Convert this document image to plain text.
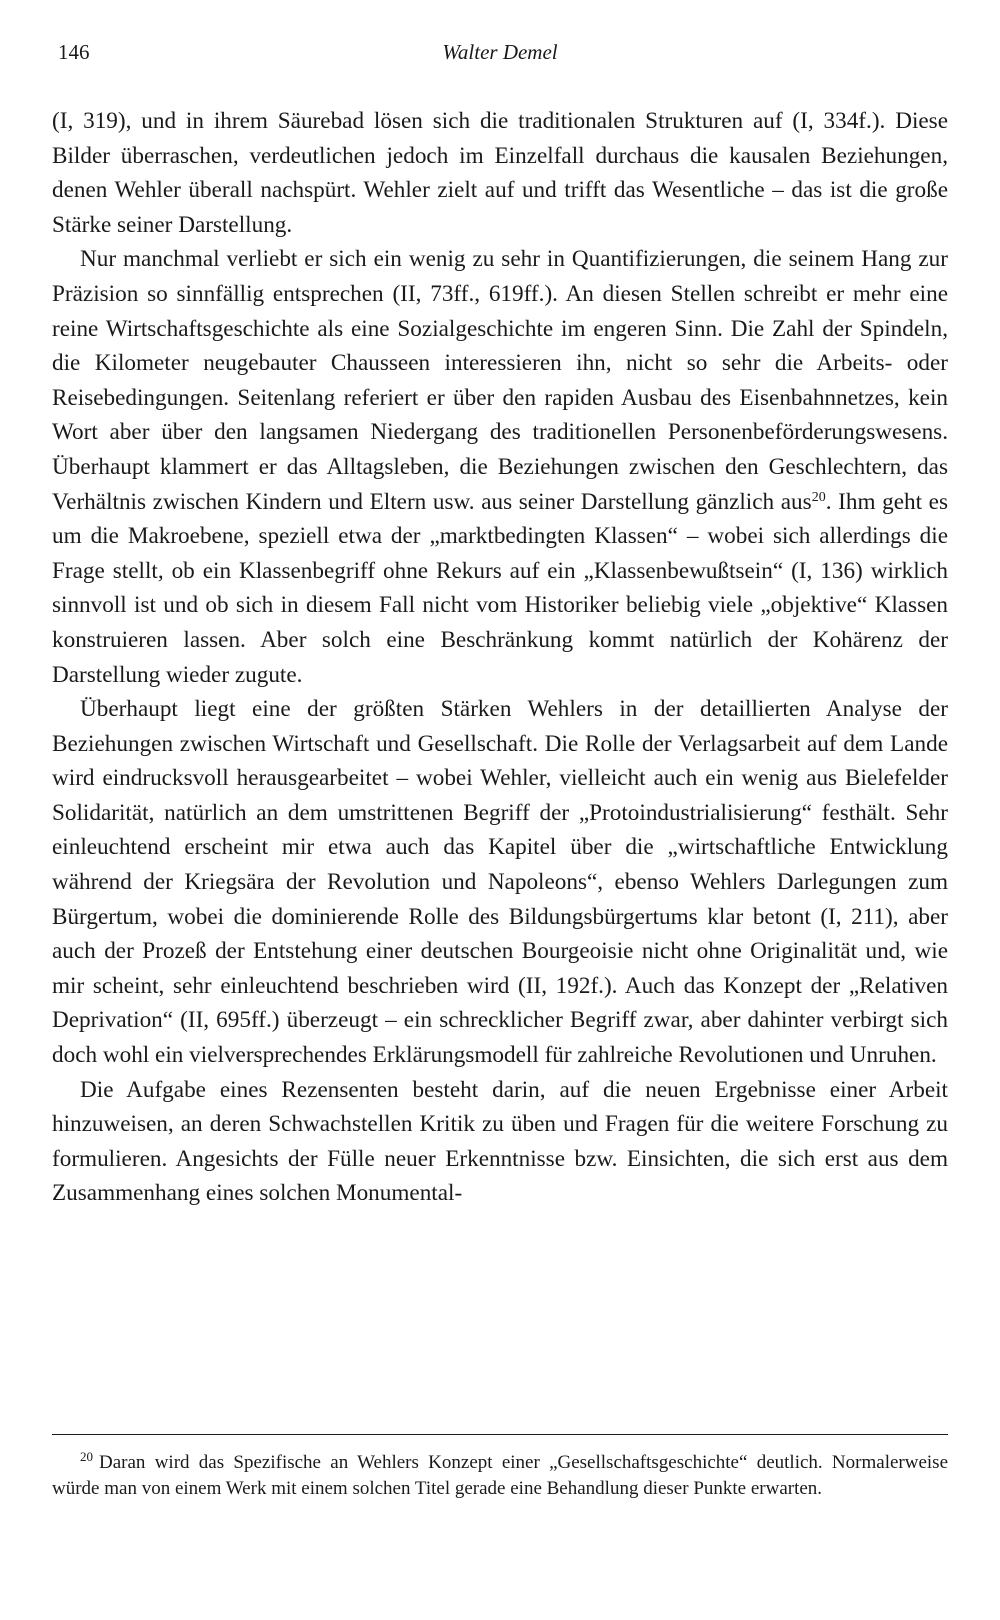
146	Walter Demel

(I, 319), und in ihrem Säurebad lösen sich die traditionalen Strukturen auf (I, 334f.). Diese Bilder überraschen, verdeutlichen jedoch im Einzelfall durchaus die kausalen Beziehungen, denen Wehler überall nachspürt. Wehler zielt auf und trifft das Wesentliche – das ist die große Stärke seiner Darstellung.

Nur manchmal verliebt er sich ein wenig zu sehr in Quantifizierungen, die seinem Hang zur Präzision so sinnfällig entsprechen (II, 73ff., 619ff.). An diesen Stellen schreibt er mehr eine reine Wirtschaftsgeschichte als eine Sozialgeschichte im engeren Sinn. Die Zahl der Spindeln, die Kilometer neugebauter Chausseen interessieren ihn, nicht so sehr die Arbeits- oder Reisebedingungen. Seitenlang referiert er über den rapiden Ausbau des Eisenbahnnetzes, kein Wort aber über den langsamen Niedergang des traditionellen Personenbeförderungswesens. Überhaupt klammert er das Alltagsleben, die Beziehungen zwischen den Geschlechtern, das Verhältnis zwischen Kindern und Eltern usw. aus seiner Darstellung gänzlich aus$^{20}$. Ihm geht es um die Makroebene, speziell etwa der „marktbedingten Klassen“ – wobei sich allerdings die Frage stellt, ob ein Klassenbegriff ohne Rekurs auf ein „Klassenbewußtsein“ (I, 136) wirklich sinnvoll ist und ob sich in diesem Fall nicht vom Historiker beliebig viele „objektive“ Klassen konstruieren lassen. Aber solch eine Beschränkung kommt natürlich der Kohärenz der Darstellung wieder zugute.

Überhaupt liegt eine der größten Stärken Wehlers in der detaillierten Analyse der Beziehungen zwischen Wirtschaft und Gesellschaft. Die Rolle der Verlagsarbeit auf dem Lande wird eindrucksvoll herausgearbeitet – wobei Wehler, vielleicht auch ein wenig aus Bielefelder Solidarität, natürlich an dem umstrittenen Begriff der „Protoindustrialisierung“ festhält. Sehr einleuchtend erscheint mir etwa auch das Kapitel über die „wirtschaftliche Entwicklung während der Kriegsära der Revolution und Napoleons“, ebenso Wehlers Darlegungen zum Bürgertum, wobei die dominierende Rolle des Bildungsbürgertums klar betont (I, 211), aber auch der Prozeß der Entstehung einer deutschen Bourgeoisie nicht ohne Originalität und, wie mir scheint, sehr einleuchtend beschrieben wird (II, 192f.). Auch das Konzept der „Relativen Deprivation“ (II, 695ff.) überzeugt – ein schrecklicher Begriff zwar, aber dahinter verbirgt sich doch wohl ein vielversprechendes Erklärungsmodell für zahlreiche Revolutionen und Unruhen.

Die Aufgabe eines Rezensenten besteht darin, auf die neuen Ergebnisse einer Arbeit hinzuweisen, an deren Schwachstellen Kritik zu üben und Fragen für die weitere Forschung zu formulieren. Angesichts der Fülle neuer Erkenntnisse bzw. Einsichten, die sich erst aus dem Zusammenhang eines solchen Monumental-

$^{20}$ Daran wird das Spezifische an Wehlers Konzept einer „Gesellschaftsgeschichte“ deutlich. Normalerweise würde man von einem Werk mit einem solchen Titel gerade eine Behandlung dieser Punkte erwarten.
